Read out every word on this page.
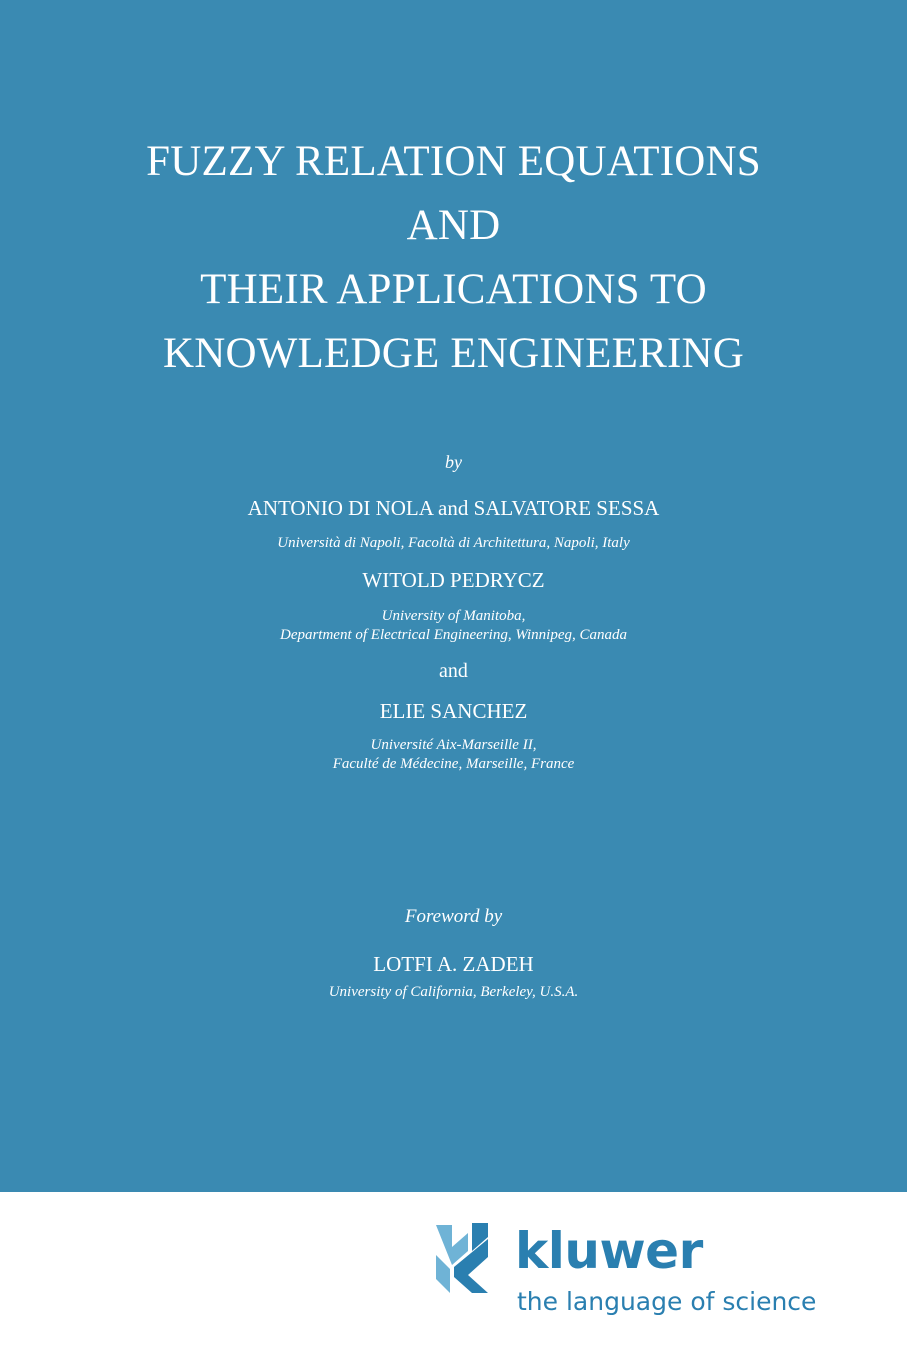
FUZZY RELATION EQUATIONS
AND
THEIR APPLICATIONS TO
KNOWLEDGE ENGINEERING

by

ANTONIO DI NOLA and SALVATORE SESSA

Università di Napoli, Facoltà di Architettura, Napoli, Italy

WITOLD PEDRYCZ

University of Manitoba,

Department of Electrical Engineering, Winnipeg, Canada

and

ELIE SANCHEZ

Université Aix-Marseille II,

Faculté de Médecine, Marseille, France

Foreword by

LOTFI A. ZADEH

University of California, Berkeley, U.S.A.

kluwer

the language of science
